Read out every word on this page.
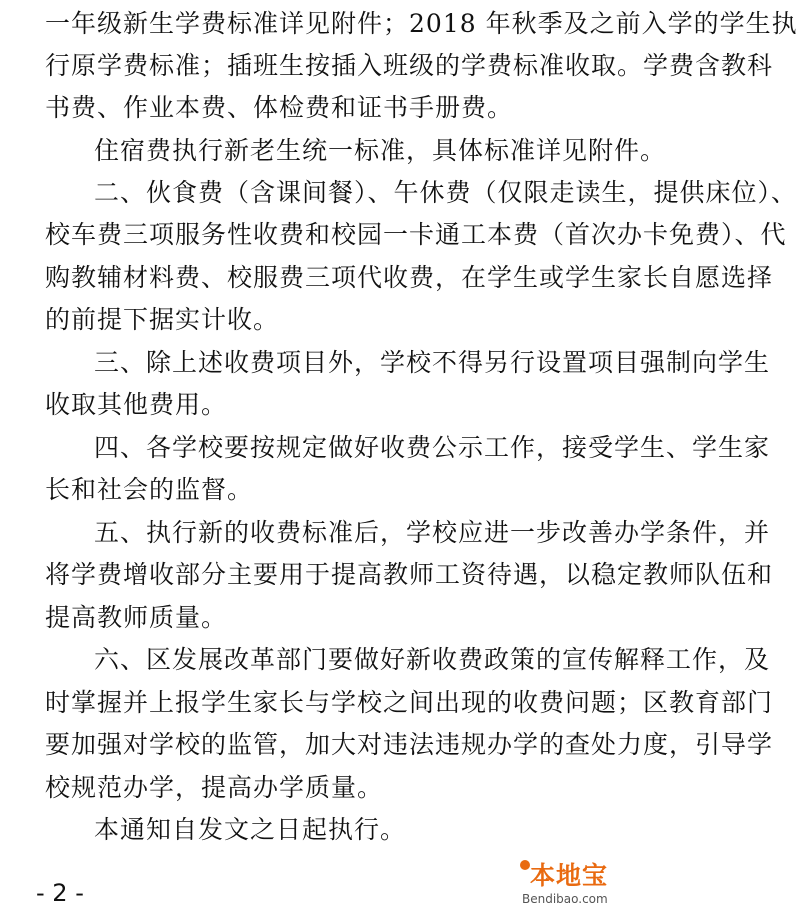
一年级新生学费标准详见附件；2018 年秋季及之前入学的学生执
行原学费标准；插班生按插入班级的学费标准收取。学费含教科
书费、作业本费、体检费和证书手册费。
住宿费执行新老生统一标准，具体标准详见附件。
二、伙食费（含课间餐）、午休费（仅限走读生，提供床位）、
校车费三项服务性收费和校园一卡通工本费（首次办卡免费）、代
购教辅材料费、校服费三项代收费，在学生或学生家长自愿选择
的前提下据实计收。
三、除上述收费项目外，学校不得另行设置项目强制向学生
收取其他费用。
四、各学校要按规定做好收费公示工作，接受学生、学生家
长和社会的监督。
五、执行新的收费标准后，学校应进一步改善办学条件，并
将学费增收部分主要用于提高教师工资待遇，以稳定教师队伍和
提高教师质量。
六、区发展改革部门要做好新收费政策的宣传解释工作，及
时掌握并上报学生家长与学校之间出现的收费问题；区教育部门
要加强对学校的监管，加大对违法违规办学的查处力度，引导学
校规范办学，提高办学质量。
本通知自发文之日起执行。
- 2 -
本地宝
Bendibao.com
